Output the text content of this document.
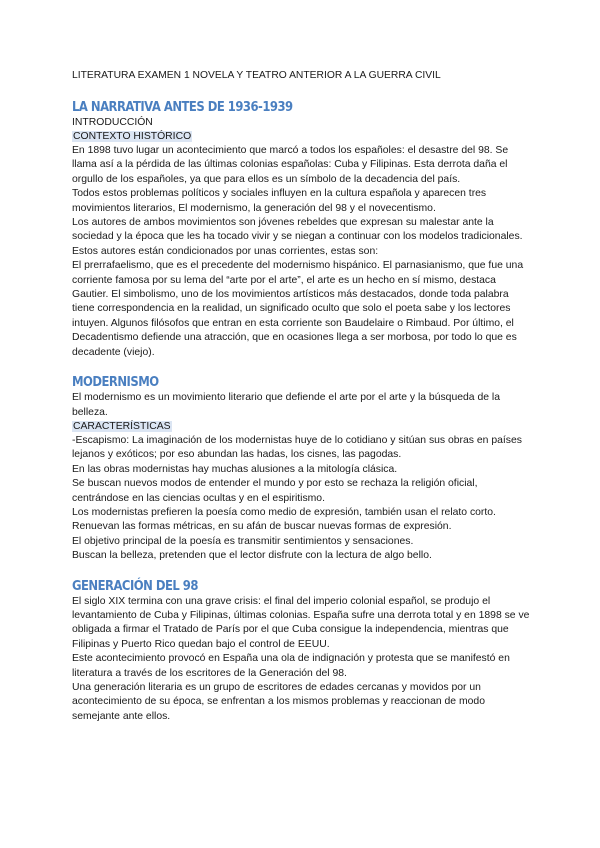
LITERATURA EXAMEN 1 NOVELA Y TEATRO ANTERIOR A LA GUERRA CIVIL
LA NARRATIVA ANTES DE 1936-1939
INTRODUCCIÓN
CONTEXTO HISTÓRICO

En 1898 tuvo lugar un acontecimiento que marcó a todos los españoles: el desastre del 98. Se llama así a la pérdida de las últimas colonias españolas: Cuba y Filipinas. Esta derrota daña el orgullo de los españoles, ya que para ellos es un símbolo de la decadencia del país.

Todos estos problemas políticos y sociales influyen en la cultura española y aparecen tres movimientos literarios, El modernismo, la generación del 98 y el novecentismo.

Los autores de ambos movimientos son jóvenes rebeldes que expresan su malestar ante la sociedad y la época que les ha tocado vivir y se niegan a continuar con los modelos tradicionales.

Estos autores están condicionados por unas corrientes, estas son:

El prerrafaelismo, que es el precedente del modernismo hispánico. El parnasianismo, que fue una corriente famosa por su lema del “arte por el arte”, el arte es un hecho en sí mismo, destaca Gautier. El simbolismo, uno de los movimientos artísticos más destacados, donde toda palabra tiene correspondencia en la realidad, un significado oculto que solo el poeta sabe y los lectores intuyen. Algunos filósofos que entran en esta corriente son Baudelaire o Rimbaud. Por último, el Decadentismo defiende una atracción, que en ocasiones llega a ser morbosa, por todo lo que es decadente (viejo).

MODERNISMO

El modernismo es un movimiento literario que defiende el arte por el arte y la búsqueda de la belleza.

CARACTERÍSTICAS

-Escapismo: La imaginación de los modernistas huye de lo cotidiano y sitúan sus obras en países lejanos y exóticos; por eso abundan las hadas, los cisnes, las pagodas.

En las obras modernistas hay muchas alusiones a la mitología clásica.

Se buscan nuevos modos de entender el mundo y por esto se rechaza la religión oficial, centrándose en las ciencias ocultas y en el espiritismo.

Los modernistas prefieren la poesía como medio de expresión, también usan el relato corto.

Renuevan las formas métricas, en su afán de buscar nuevas formas de expresión.

El objetivo principal de la poesía es transmitir sentimientos y sensaciones.

Buscan la belleza, pretenden que el lector disfrute con la lectura de algo bello.

GENERACIÓN DEL 98

El siglo XIX termina con una grave crisis: el final del imperio colonial español, se produjo el levantamiento de Cuba y Filipinas, últimas colonias. España sufre una derrota total y en 1898 se ve obligada a firmar el Tratado de París por el que Cuba consigue la independencia, mientras que Filipinas y Puerto Rico quedan bajo el control de EEUU.

Este acontecimiento provocó en España una ola de indignación y protesta que se manifestó en literatura a través de los escritores de la Generación del 98.

Una generación literaria es un grupo de escritores de edades cercanas y movidos por un acontecimiento de su época, se enfrentan a los mismos problemas y reaccionan de modo semejante ante ellos.
